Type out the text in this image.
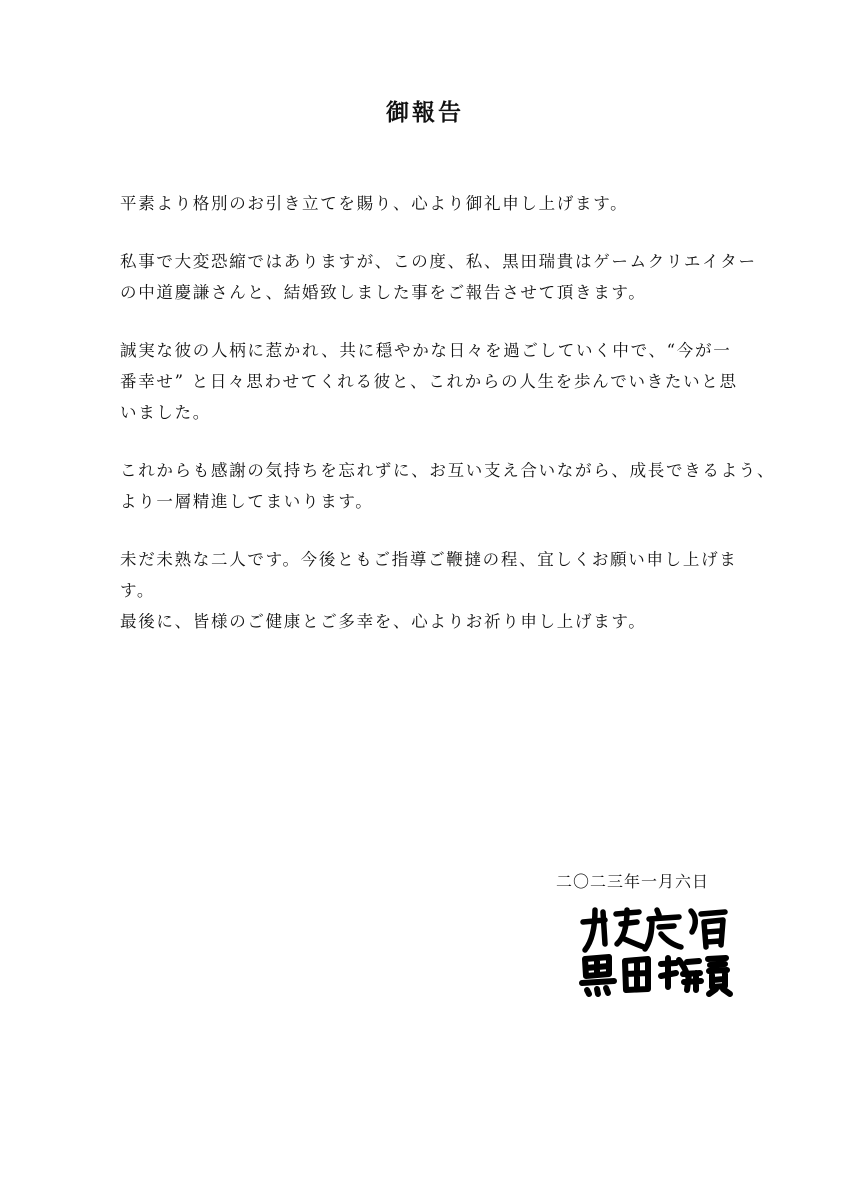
御報告

平素より格別のお引き立てを賜り、心より御礼申し上げます。

私事で大変恐縮ではありますが、この度、私、黒田瑞貴はゲームクリエイター
の中道慶謙さんと、結婚致しました事をご報告させて頂きます。

誠実な彼の人柄に惹かれ、共に穏やかな日々を過ごしていく中で、“今が一
番幸せ” と日々思わせてくれる彼と、これからの人生を歩んでいきたいと思
いました。

これからも感謝の気持ちを忘れずに、お互い支え合いながら、成長できるよう、
より一層精進してまいります。

未だ未熟な二人です。今後ともご指導ご鞭撻の程、宜しくお願い申し上げま
す。
最後に、皆様のご健康とご多幸を、心よりお祈り申し上げます。

二〇二三年一月六日
